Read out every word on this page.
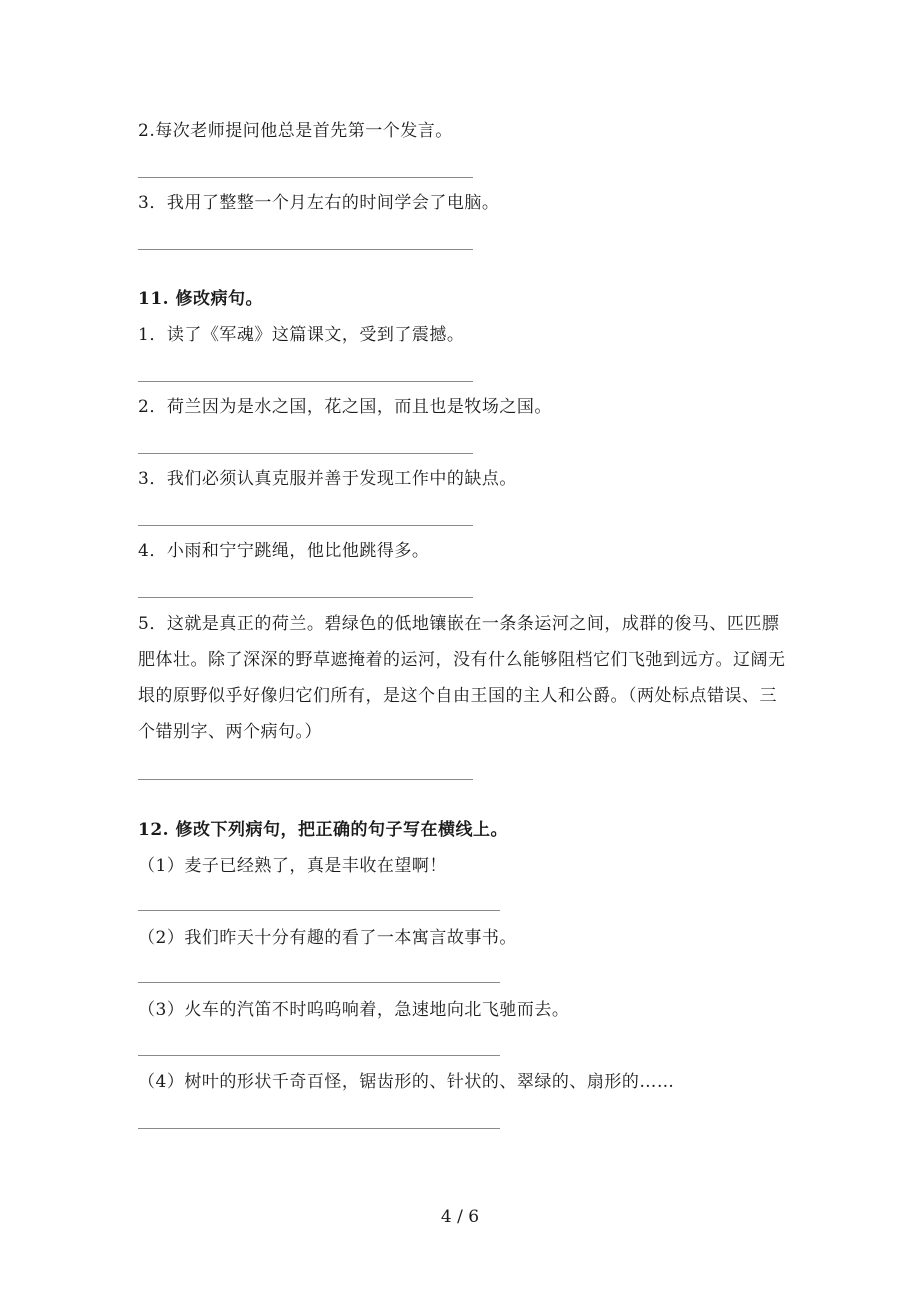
2.每次老师提问他总是首先第一个发言。
3．我用了整整一个月左右的时间学会了电脑。
11. 修改病句。
1．读了《军魂》这篇课文，受到了震撼。
2．荷兰因为是水之国，花之国，而且也是牧场之国。
3．我们必须认真克服并善于发现工作中的缺点。
4．小雨和宁宁跳绳，他比他跳得多。

5．这就是真正的荷兰。碧绿色的低地镶嵌在一条条运河之间，成群的俊马、匹匹膘肥体壮。除了深深的野草遮掩着的运河，没有什么能够阻档它们飞弛到远方。辽阔无垠的原野似乎好像归它们所有，是这个自由王国的主人和公爵。（两处标点错误、三个错别字、两个病句。）

12. 修改下列病句，把正确的句子写在横线上。
（1）麦子已经熟了，真是丰收在望啊！
（2）我们昨天十分有趣的看了一本寓言故事书。
（3）火车的汽笛不时呜呜响着，急速地向北飞驰而去。
（4）树叶的形状千奇百怪，锯齿形的、针状的、翠绿的、扇形的……
4 / 6
